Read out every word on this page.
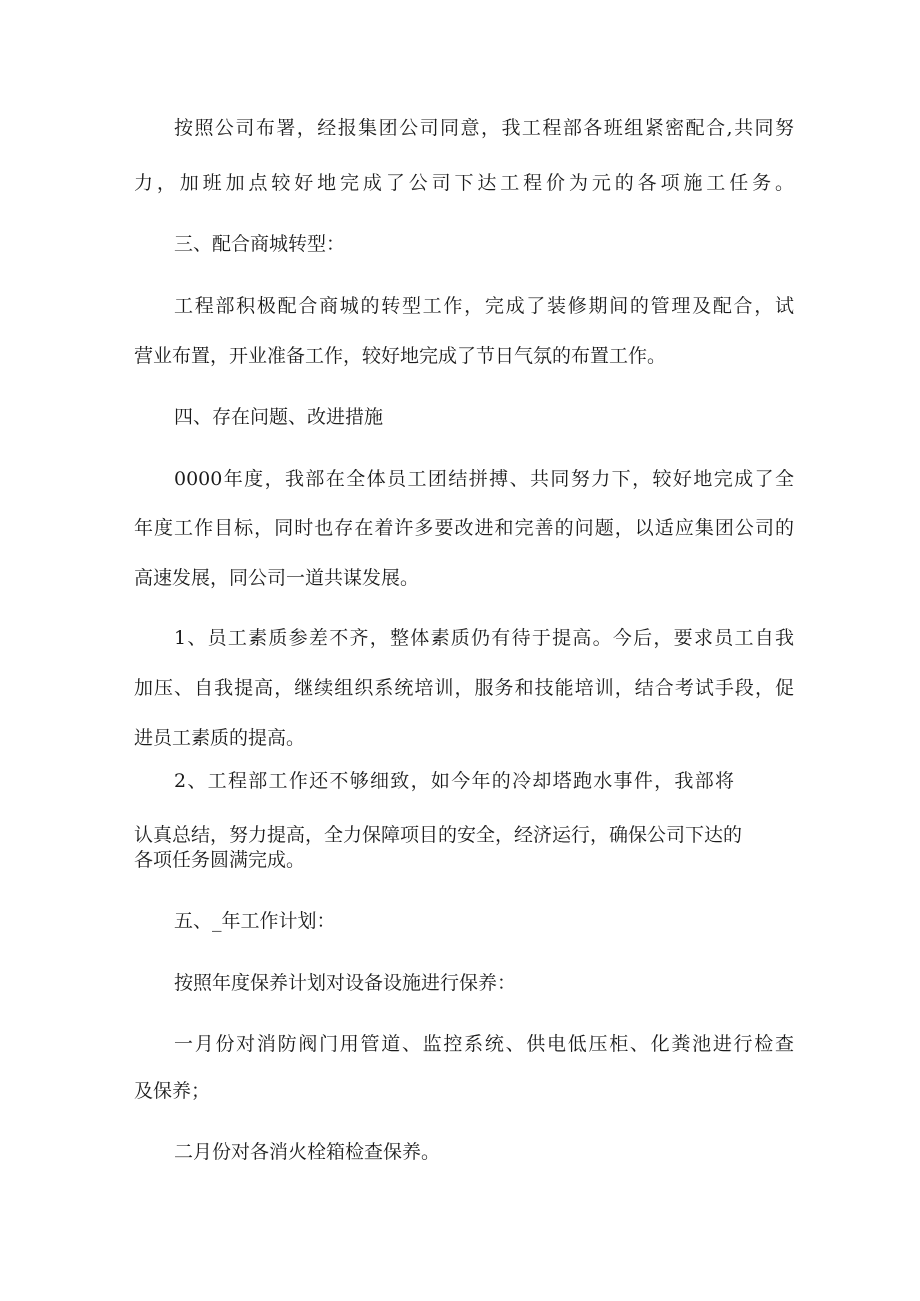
按照公司布署，经报集团公司同意，我工程部各班组紧密配合,共同努

力，加班加点较好地完成了公司下达工程价为元的各项施工任务。

三、配合商城转型：

工程部积极配合商城的转型工作，完成了装修期间的管理及配合，试

营业布置，开业准备工作，较好地完成了节日气氛的布置工作。

四、存在问题、改进措施

0000年度，我部在全体员工团结拼搏、共同努力下，较好地完成了全

年度工作目标，同时也存在着许多要改进和完善的问题，以适应集团公司的

高速发展，同公司一道共谋发展。

1、员工素质参差不齐，整体素质仍有待于提高。今后，要求员工自我

加压、自我提高，继续组织系统培训，服务和技能培训，结合考试手段，促

进员工素质的提高。

2、工程部工作还不够细致，如今年的冷却塔跑水事件，我部将

认真总结，努力提高，全力保障项目的安全，经济运行，确保公司下达的

各项任务圆满完成。

五、_年工作计划：

按照年度保养计划对设备设施进行保养：

一月份对消防阀门用管道、监控系统、供电低压柜、化粪池进行检查

及保养；

二月份对各消火栓箱检查保养。
